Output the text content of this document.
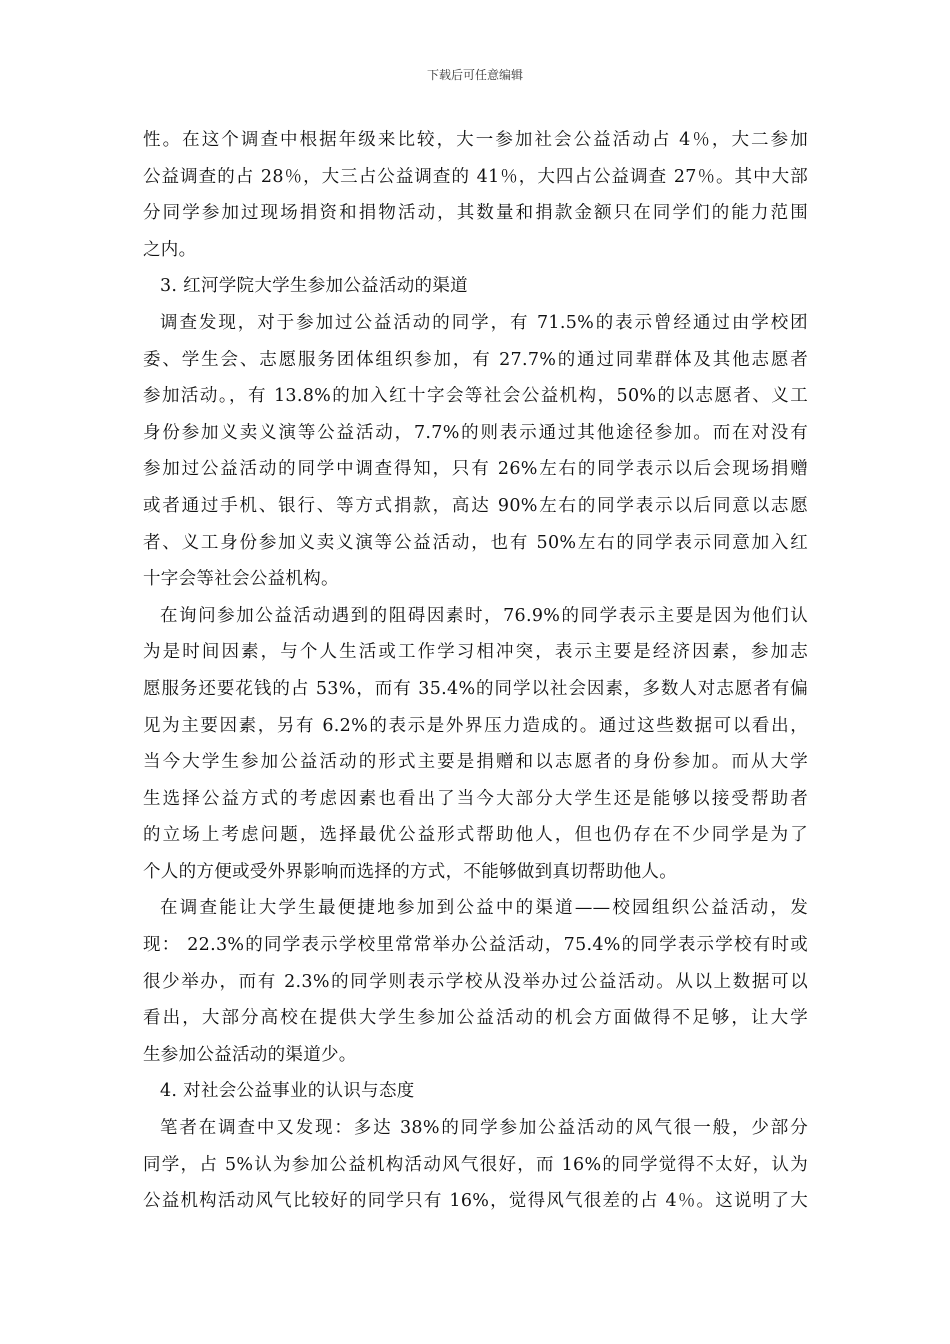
下载后可任意编辑
性。在这个调查中根据年级来比较，大一参加社会公益活动占 4％，大二参加
公益调查的占 28％，大三占公益调查的 41％，大四占公益调查 27％。其中大部
分同学参加过现场捐资和捐物活动，其数量和捐款金额只在同学们的能力范围
之内。
3. 红河学院大学生参加公益活动的渠道
调查发现，对于参加过公益活动的同学，有 71.5%的表示曾经通过由学校团
委、学生会、志愿服务团体组织参加，有 27.7%的通过同辈群体及其他志愿者
参加活动。，有 13.8%的加入红十字会等社会公益机构，50%的以志愿者、义工
身份参加义卖义演等公益活动，7.7%的则表示通过其他途径参加。而在对没有
参加过公益活动的同学中调查得知，只有 26%左右的同学表示以后会现场捐赠
或者通过手机、银行、等方式捐款，高达 90%左右的同学表示以后同意以志愿
者、义工身份参加义卖义演等公益活动，也有 50%左右的同学表示同意加入红
十字会等社会公益机构。
在询问参加公益活动遇到的阻碍因素时，76.9%的同学表示主要是因为他们认
为是时间因素，与个人生活或工作学习相冲突，表示主要是经济因素，参加志
愿服务还要花钱的占 53%，而有 35.4%的同学以社会因素，多数人对志愿者有偏
见为主要因素，另有 6.2%的表示是外界压力造成的。通过这些数据可以看出，
当今大学生参加公益活动的形式主要是捐赠和以志愿者的身份参加。而从大学
生选择公益方式的考虑因素也看出了当今大部分大学生还是能够以接受帮助者
的立场上考虑问题，选择最优公益形式帮助他人，但也仍存在不少同学是为了
个人的方便或受外界影响而选择的方式，不能够做到真切帮助他人。
在调查能让大学生最便捷地参加到公益中的渠道——校园组织公益活动，发
现： 22.3%的同学表示学校里常常举办公益活动，75.4%的同学表示学校有时或
很少举办，而有 2.3%的同学则表示学校从没举办过公益活动。从以上数据可以
看出，大部分高校在提供大学生参加公益活动的机会方面做得不足够，让大学
生参加公益活动的渠道少。
4. 对社会公益事业的认识与态度
笔者在调查中又发现：多达 38%的同学参加公益活动的风气很一般，少部分
同学，占 5%认为参加公益机构活动风气很好，而 16%的同学觉得不太好，认为
公益机构活动风气比较好的同学只有 16%，觉得风气很差的占 4％。这说明了大
